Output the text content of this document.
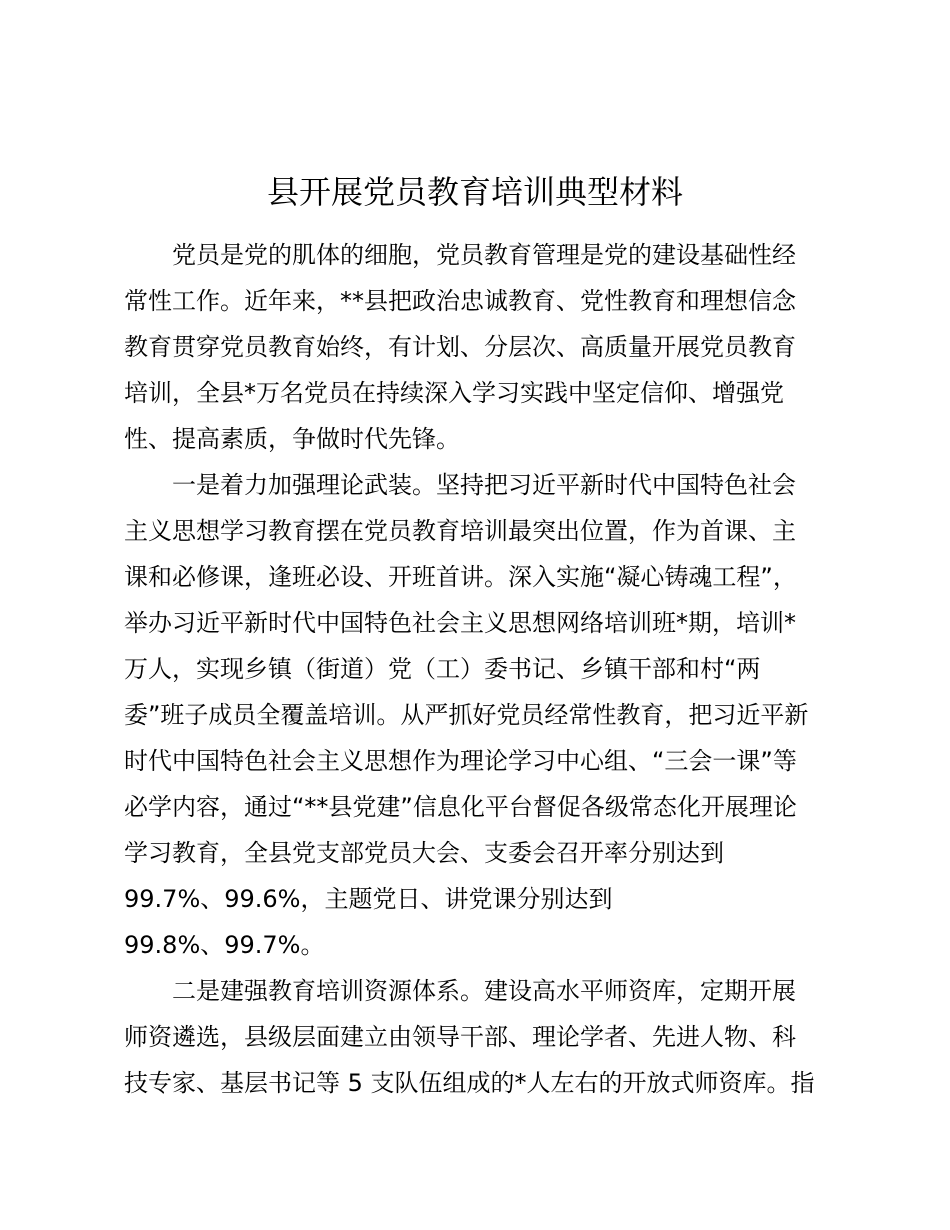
县开展党员教育培训典型材料
党员是党的肌体的细胞，党员教育管理是党的建设基础性经
常性工作。近年来，**县把政治忠诚教育、党性教育和理想信念
教育贯穿党员教育始终，有计划、分层次、高质量开展党员教育
培训，全县*万名党员在持续深入学习实践中坚定信仰、增强党
性、提高素质，争做时代先锋。
一是着力加强理论武装。坚持把习近平新时代中国特色社会
主义思想学习教育摆在党员教育培训最突出位置，作为首课、主
课和必修课，逢班必设、开班首讲。深入实施“凝心铸魂工程”，
举办习近平新时代中国特色社会主义思想网络培训班*期，培训*
万人，实现乡镇（街道）党（工）委书记、乡镇干部和村“两
委”班子成员全覆盖培训。从严抓好党员经常性教育，把习近平新
时代中国特色社会主义思想作为理论学习中心组、“三会一课”等
必学内容，通过“**县党建”信息化平台督促各级常态化开展理论
学习教育，全县党支部党员大会、支委会召开率分别达到
99.7%、99.6%，主题党日、讲党课分别达到
99.8%、99.7%。
二是建强教育培训资源体系。建设高水平师资库，定期开展
师资遴选，县级层面建立由领导干部、理论学者、先进人物、科
技专家、基层书记等 5 支队伍组成的*人左右的开放式师资库。指
